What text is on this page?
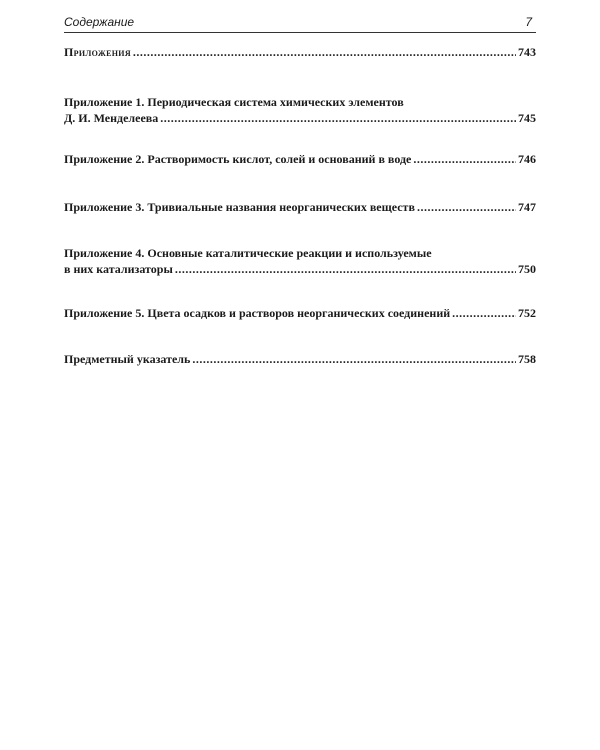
Содержание	7
Приложения .....	743
Приложение 1. Периодическая система химических элементов
Д. И. Менделеева .....	745
Приложение 2. Растворимость кислот, солей и оснований в воде .....	746
Приложение 3. Тривиальные названия неорганических веществ .....	747
Приложение 4. Основные каталитические реакции и используемые
в них катализаторы .....	750
Приложение 5. Цвета осадков и растворов неорганических соединений .....	752
Предметный указатель .....	758
